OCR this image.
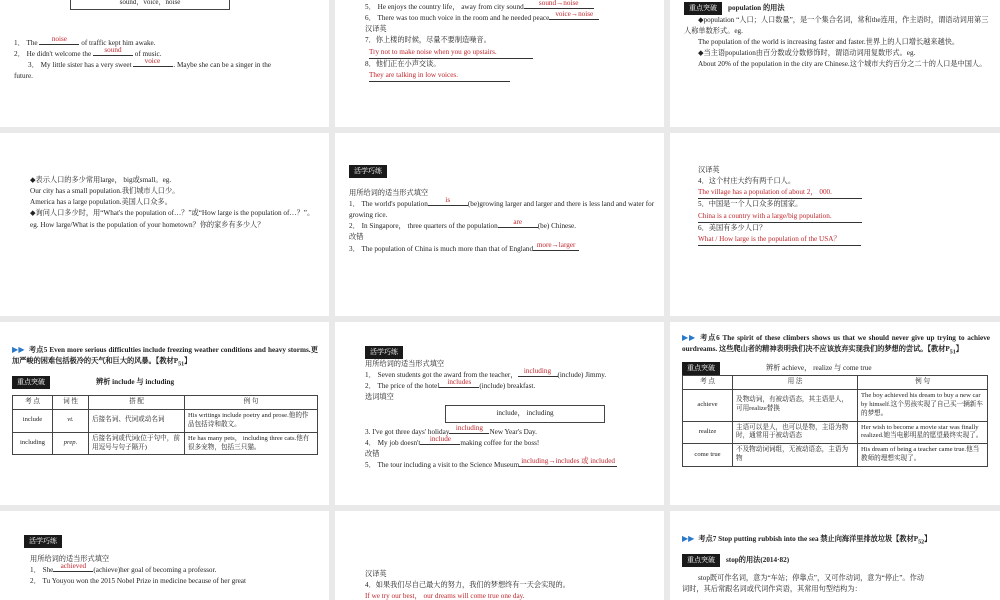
sound，voice，noise

1． The noise of traffic kept him awake.

2． He didn't welcome the sound of music.

3． My little sister has a very sweet voice . Maybe she can be a singer in the

future.

5． He enjoys the country life， away from city sound sound→noise

6． There was too much voice in the room and he needed peace voice→noise

汉译英

7．你上楼的时候，尽量不要制造噪音。

Try not to make noise when you go upstairs.

8．他们正在小声交谈。

They are talking in low voices.

重点突破 population 的用法

◆population “人口；人口数量”，是一个集合名词，常和the连用，作主语时，谓语动词用第三人称单数形式。eg.

The population of the world is increasing faster and faster.世界上的人口增长越来越快。

◆当主语population由百分数或分数修饰时，谓语动词用复数形式。eg.

About 20% of the population in the city are Chinese.这个城市大约百分之二十的人口是中国人。

◆表示人口的多少常用large， big或small。eg.

Our city has a small population.我们城市人口少。

America has a large population.美国人口众多。

◆询问人口多少时，用“What's the population of…？”或“How large is the population of…？”。

eg. How large/What is the population of your hometown？你的家乡有多少人？

活学巧练

用所给词的适当形式填空

1． The world's population is (be)growing larger and larger and there is less land and water for growing rice.

2． In Singapore， three quarters of the population are (be) Chinese.

改错

3． The population of China is much more than that of England more→larger

汉译英

4．这个村庄大约有两千口人。

The village has a population of about 2， 000.

5．中国是一个人口众多的国家。

China is a country with a large/big population.

6．美国有多少人口？

What / How large is the population of the USA？

▶▶ 考点5 Even more serious difficulties include freezing weather conditions and heavy storms.更加严峻的困难包括极冷的天气和巨大的风暴。【教材$P_{51}$】

重点突破	辨析 include 与 including

考 点	词 性	搭 配	例 句
include	vt.	后接名词、代词或动名词	His writings include poetry and prose.他的作品包括诗和散文。
including	prep.	后接名词或代词(位于句中，前用逗号与句子隔开)	He has many pets， including three cats.他有很多宠物，包括三只猫。

活学巧练

用所给词的适当形式填空

1． Seven students got the award from the teacher， including (include) Jimmy.

2． The price of the hotel includes (include) breakfast.

选词填空

include， including

3. I've got three days' holiday including New Year's Day.

4． My job doesn't include making coffee for the boss!

改错

5． The tour including a visit to the Science Museum including→includes 或 included

▶▶ 考点6 The spirit of these climbers shows us that we should never give up trying to achieve ourdreams. 这些爬山者的精神表明我们决不应该放弃实现我们的梦想的尝试。【教材$P_{51}$】

重点突破	辨析 achieve， realize 与 come true

考 点	用 法	例 句
achieve	及物动词，有被动语态，其主语是人，可用realize替换	The boy achieved his dream to buy a new car by himself.这个男孩实现了自己买一辆新车的梦想。
realize	主语可以是人，也可以是物，主语为物时，通常用于被动语态	Her wish to become a movie star was finally realized.她当电影明星的愿望最终实现了。
come true	不及物动词词组，无被动语态，主语为物	His dream of being a teacher came true.他当教师的理想实现了。

活学巧练

用所给词的适当形式填空

1． She achieved (achieve)her goal of becoming a professor.

2． Tu Youyou won the 2015 Nobel Prize in medicine because of her great

汉译英

4．如果我们尽自己最大的努力，我们的梦想终有一天会实现的。

If we try our best， our dreams will come true one day.

▶▶ 考点7 Stop putting rubbish into the sea 禁止向海洋里排放垃圾【教材$P_{52}$】

重点突破 stop的用法(2014·82)

stop既可作名词，意为“车站；停靠点”，又可作动词，意为“停止”。作动

词时，其后常跟名词或代词作宾语，其常用句型结构为：
